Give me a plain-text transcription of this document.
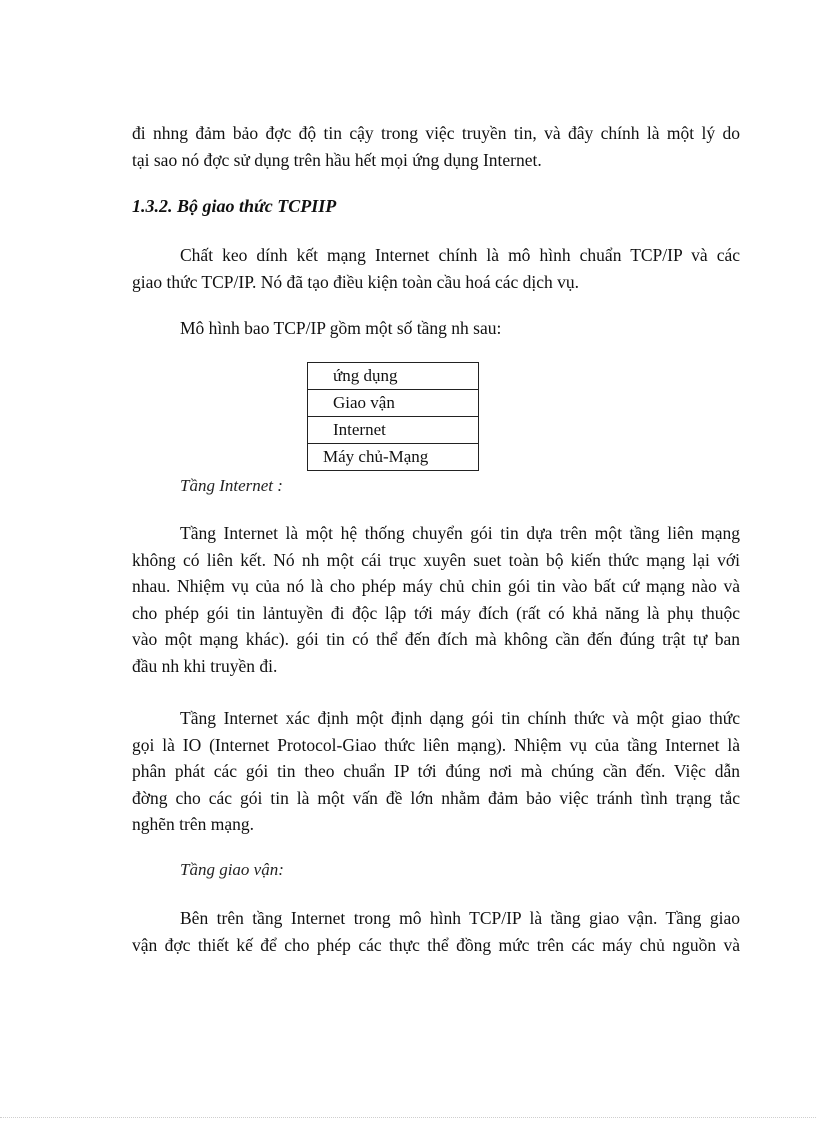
đi nhng đảm bảo đợc độ tin cậy trong việc truyền tin, và đây chính là một lý do
tại sao nó đợc sử dụng trên hầu hết mọi ứng dụng Internet.
1.3.2. Bộ giao thức TCPIIP
Chất keo dính kết mạng Internet chính là mô hình chuẩn TCP/IP và các
giao thức TCP/IP. Nó đã tạo điều kiện toàn cầu hoá các dịch vụ.
Mô hình bao TCP/IP gồm một số tầng nh sau:
ứng dụng
Giao vận
Internet
Máy chủ-Mạng

Tầng Internet :

Tầng Internet là một hệ thống chuyển gói tin dựa trên một tầng liên mạng
không có liên kết. Nó nh một cái trục xuyên suet toàn bộ kiến thức mạng lại với
nhau. Nhiệm vụ của nó là cho phép máy chủ chin gói tin vào bất cứ mạng nào và
cho phép gói tin lảntuyền đi độc lập tới máy đích (rất có khả năng là phụ thuộc
vào một mạng khác). gói tin có thể đến đích mà không cần đến đúng trật tự ban
đầu nh khi truyền đi.
Tầng Internet xác định một định dạng gói tin chính thức và một giao thức
gọi là IO (Internet Protocol-Giao thức liên mạng). Nhiệm vụ của tầng Internet là
phân phát các gói tin theo chuẩn IP tới đúng nơi mà chúng cần đến. Việc dẫn
đờng cho các gói tin là một vấn đề lớn nhằm đảm bảo việc tránh tình trạng tắc
nghẽn trên mạng.

Tầng giao vận:

Bên trên tầng Internet trong mô hình TCP/IP là tầng giao vận. Tầng giao
vận đợc thiết kế để cho phép các thực thể đồng mức trên các máy chủ nguồn và
